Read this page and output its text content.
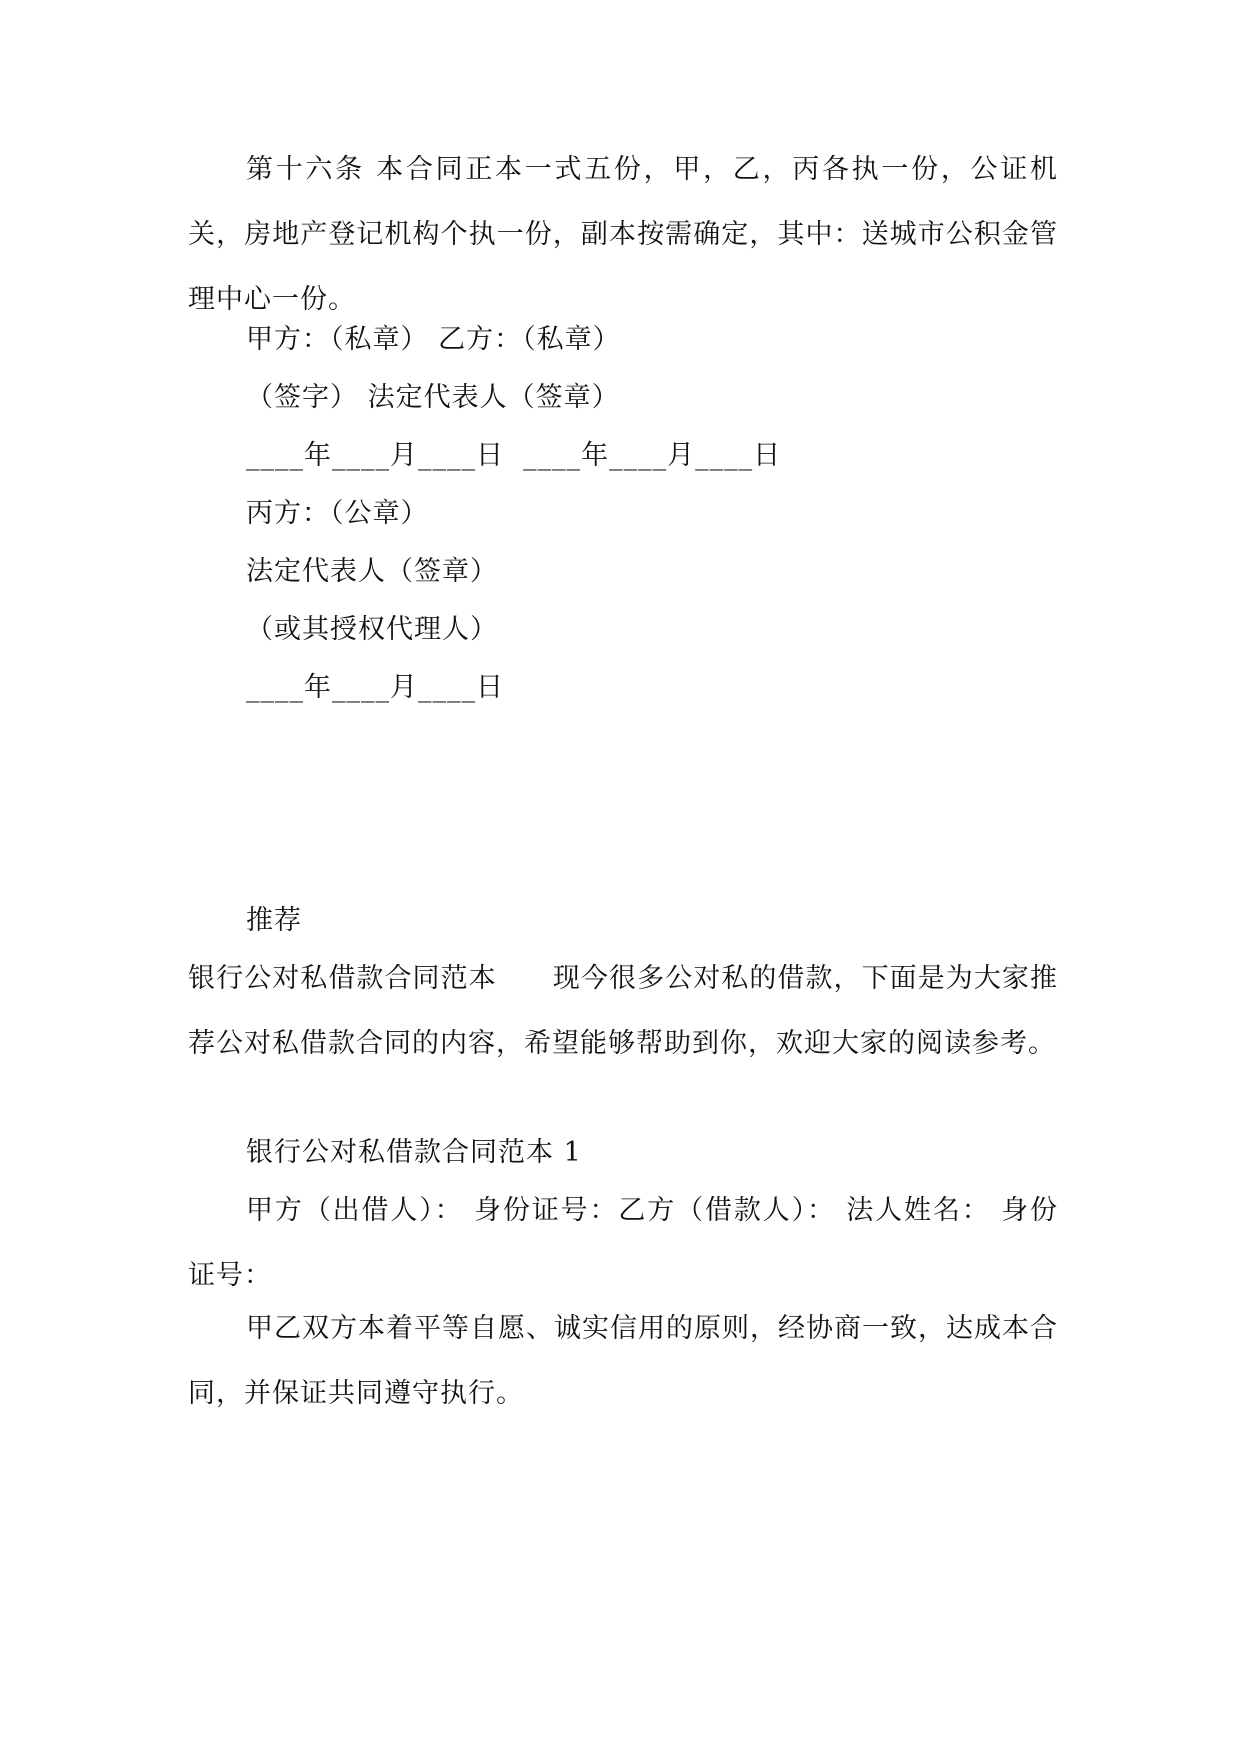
第十六条 本合同正本一式五份，甲，乙，丙各执一份，公证机关，房地产登记机构个执一份，副本按需确定，其中：送城市公积金管理中心一份。

甲方：（私章） 乙方：（私章）

（签字） 法定代表人（签章）

____年____月____日  ____年____月____日

丙方：（公章）

法定代表人（签章）

（或其授权代理人）

____年____月____日

推荐

银行公对私借款合同范本　　现今很多公对私的借款，下面是为大家推荐公对私借款合同的内容，希望能够帮助到你，欢迎大家的阅读参考。

银行公对私借款合同范本 1

甲方（出借人）： 身份证号：乙方（借款人）： 法人姓名： 身份证号：

甲乙双方本着平等自愿、诚实信用的原则，经协商一致，达成本合同，并保证共同遵守执行。
